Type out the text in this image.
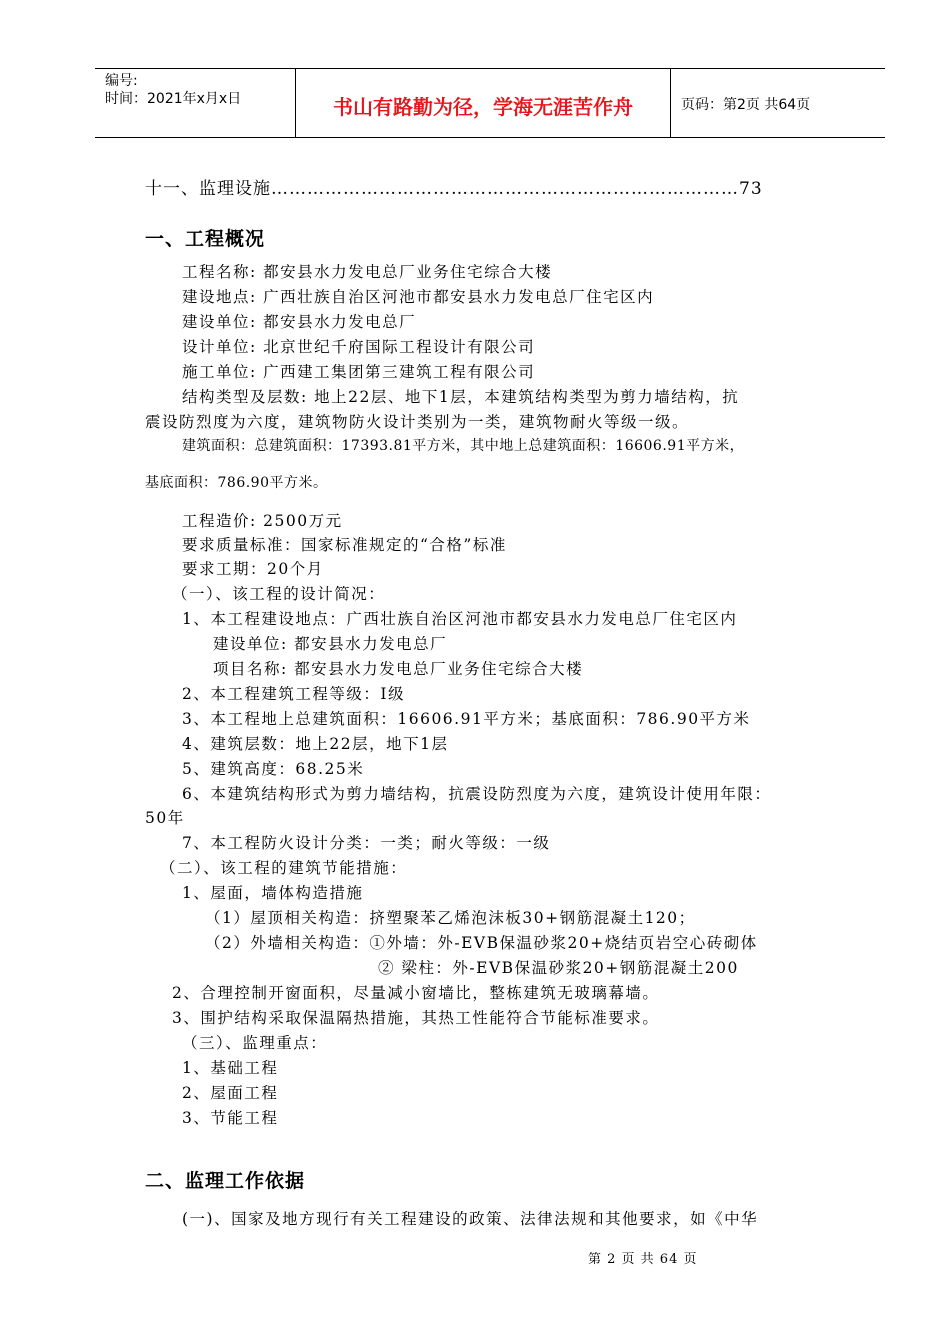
编号:
时间：2021年x月x日	书山有路勤为径，学海无涯苦作舟	页码：第2页 共64页
十一、监理设施……………………………………………………………………73
一、工程概况
工程名称: 都安县水力发电总厂业务住宅综合大楼
建设地点: 广西壮族自治区河池市都安县水力发电总厂住宅区内
建设单位: 都安县水力发电总厂
设计单位: 北京世纪千府国际工程设计有限公司
施工单位: 广西建工集团第三建筑工程有限公司
结构类型及层数: 地上22层、地下1层，本建筑结构类型为剪力墙结构，抗
震设防烈度为六度，建筑物防火设计类别为一类，建筑物耐火等级一级。
建筑面积：总建筑面积：17393.81平方米，其中地上总建筑面积：16606.91平方米，
基底面积：786.90平方米。
工程造价: 2500万元
要求质量标准：国家标准规定的“合格”标准
要求工期：20个月
（一）、该工程的设计简况：
1、本工程建设地点：广西壮族自治区河池市都安县水力发电总厂住宅区内
建设单位: 都安县水力发电总厂
项目名称: 都安县水力发电总厂业务住宅综合大楼
2、本工程建筑工程等级：Ⅰ级
3、本工程地上总建筑面积：16606.91平方米；基底面积：786.90平方米
4、建筑层数：地上22层，地下1层
5、建筑高度：68.25米
6、本建筑结构形式为剪力墙结构，抗震设防烈度为六度，建筑设计使用年限：
50年
7、本工程防火设计分类：一类；耐火等级：一级
（二）、该工程的建筑节能措施：
1、屋面，墙体构造措施
（1）屋顶相关构造：挤塑聚苯乙烯泡沫板30+钢筋混凝土120；
（2）外墙相关构造：①外墙：外-EVB保温砂浆20+烧结页岩空心砖砌体
② 梁柱：外-EVB保温砂浆20+钢筋混凝土200
2、合理控制开窗面积，尽量减小窗墙比，整栋建筑无玻璃幕墙。
3、围护结构采取保温隔热措施，其热工性能符合节能标准要求。
（三）、监理重点：
1、基础工程
2、屋面工程
3、节能工程
二、监理工作依据
(一)、国家及地方现行有关工程建设的政策、法律法规和其他要求，如《中华
第 2 页 共 64 页
